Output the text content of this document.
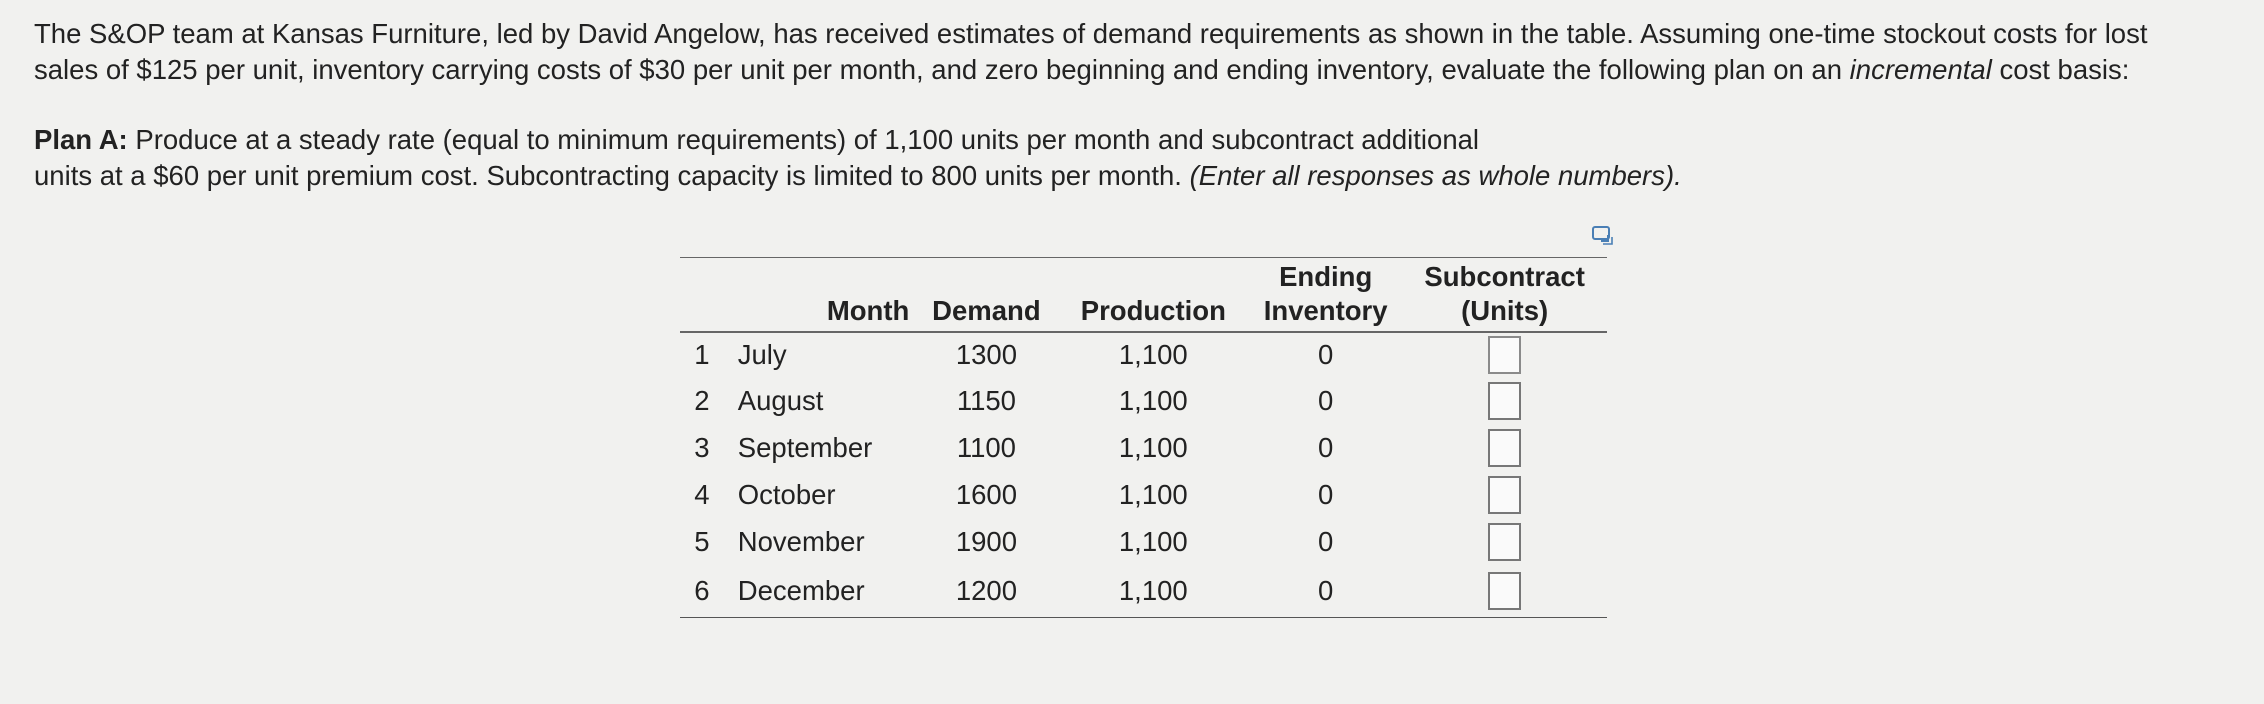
The S&OP team at Kansas Furniture, led by David Angelow, has received estimates of demand requirements as shown in the table. Assuming one-time stockout costs for lost

sales of $125 per unit, inventory carrying costs of $30 per unit per month, and zero beginning and ending inventory, evaluate the following plan on an incremental cost basis:

Plan A: Produce at a steady rate (equal to minimum requirements) of 1,100 units per month and subcontract additional

units at a $60 per unit premium cost. Subcontracting capacity is limited to 800 units per month. (Enter all responses as whole numbers).

	Month	Demand	Production	Ending
Inventory	Subcontract
(Units)
1	July	1300	1,100	0	
2	August	1150	1,100	0	
3	September	1100	1,100	0	
4	October	1600	1,100	0	
5	November	1900	1,100	0	
6	December	1200	1,100	0	
